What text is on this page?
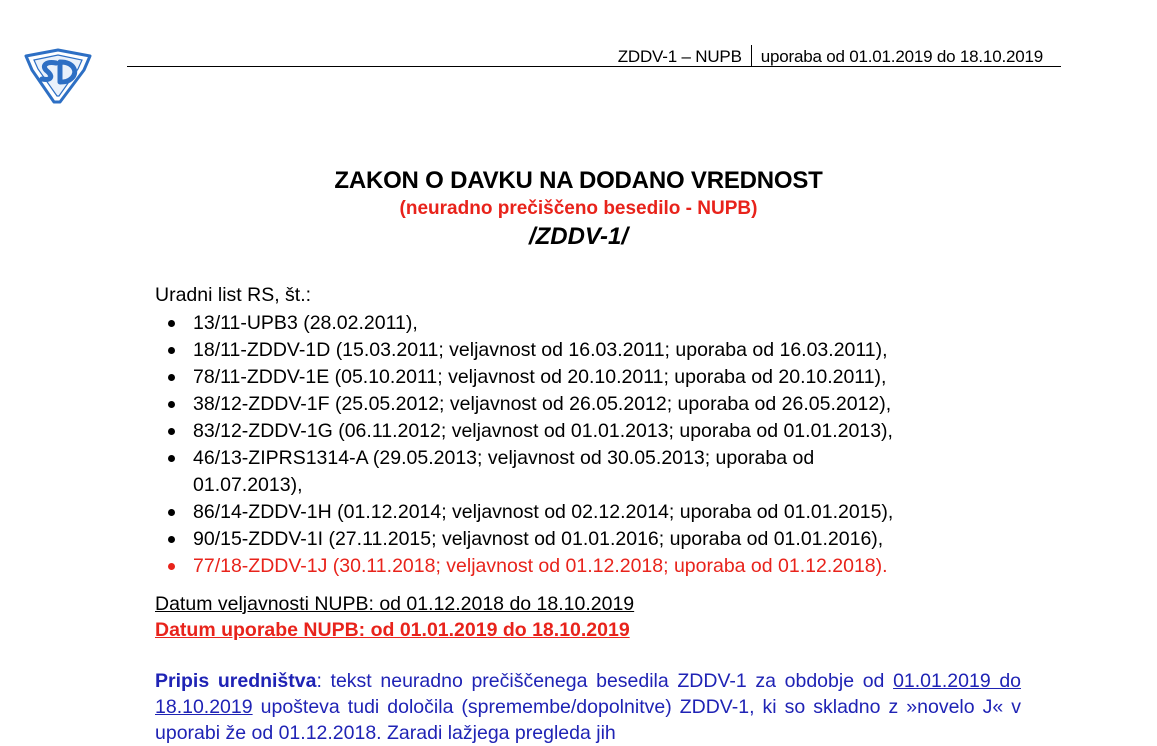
ZDDV-1 – NUPB uporaba od 01.01.2019 do 18.10.2019

ZAKON O DAVKU NA DODANO VREDNOST

(neuradno prečiščeno besedilo - NUPB)

/ZDDV-1/

Uradni list RS, št.:

13/11-UPB3 (28.02.2011),
18/11-ZDDV-1D (15.03.2011; veljavnost od 16.03.2011; uporaba od 16.03.2011),
78/11-ZDDV-1E (05.10.2011; veljavnost od 20.10.2011; uporaba od 20.10.2011),
38/12-ZDDV-1F (25.05.2012; veljavnost od 26.05.2012; uporaba od 26.05.2012),
83/12-ZDDV-1G (06.11.2012; veljavnost od 01.01.2013; uporaba od 01.01.2013),
46/13-ZIPRS1314-A (29.05.2013; veljavnost od 30.05.2013; uporaba od 01.07.2013),
86/14-ZDDV-1H (01.12.2014; veljavnost od 02.12.2014; uporaba od 01.01.2015),
90/15-ZDDV-1I (27.11.2015; veljavnost od 01.01.2016; uporaba od 01.01.2016),
77/18-ZDDV-1J (30.11.2018; veljavnost od 01.12.2018; uporaba od 01.12.2018).

Datum veljavnosti NUPB: od 01.12.2018 do 18.10.2019

Datum uporabe NUPB: od 01.01.2019 do 18.10.2019

Pripis uredništva: tekst neuradno prečiščenega besedila ZDDV-1 za obdobje od 01.01.2019 do 18.10.2019 upošteva tudi določila (spremembe/dopolnitve) ZDDV-1, ki so skladno z »novelo J« v uporabi že od 01.12.2018. Zaradi lažjega pregleda jih
